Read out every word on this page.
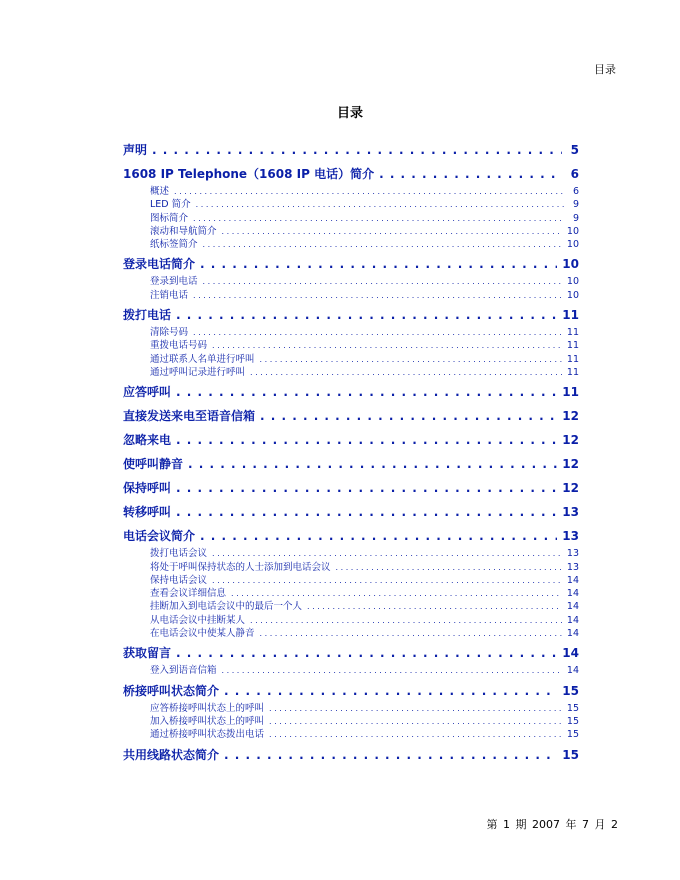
目录
目录
声明 . . .	5
1608 IP Telephone（1608 IP 电话）简介 . . .	6
概述 . . .	6
LED 简介 . . .	9
图标简介 . . .	9
滚动和导航简介 . . .	10
纸标签简介 . . .	10
登录电话简介 . . .	10
登录到电话 . . .	10
注销电话 . . .	10
拨打电话 . . .	11
清除号码 . . .	11
重拨电话号码 . . .	11
通过联系人名单进行呼叫 . . .	11
通过呼叫记录进行呼叫 . . .	11
应答呼叫 . . .	11
直接发送来电至语音信箱 . . .	12
忽略来电 . . .	12
使呼叫静音 . . .	12
保持呼叫 . . .	12
转移呼叫 . . .	13
电话会议简介 . . .	13
拨打电话会议 . . .	13
将处于呼叫保持状态的人士添加到电话会议 . . .	13
保持电话会议 . . .	14
查看会议详细信息 . . .	14
挂断加入到电话会议中的最后一个人 . . .	14
从电话会议中挂断某人 . . .	14
在电话会议中使某人静音 . . .	14
获取留言 . . .	14
登入到语音信箱 . . .	14
桥接呼叫状态简介 . . .	15
应答桥接呼叫状态上的呼叫 . . .	15
加入桥接呼叫状态上的呼叫 . . .	15
通过桥接呼叫状态拨出电话 . . .	15
共用线路状态简介 . . .	15
第 1 期 2007 年 7 月 2
